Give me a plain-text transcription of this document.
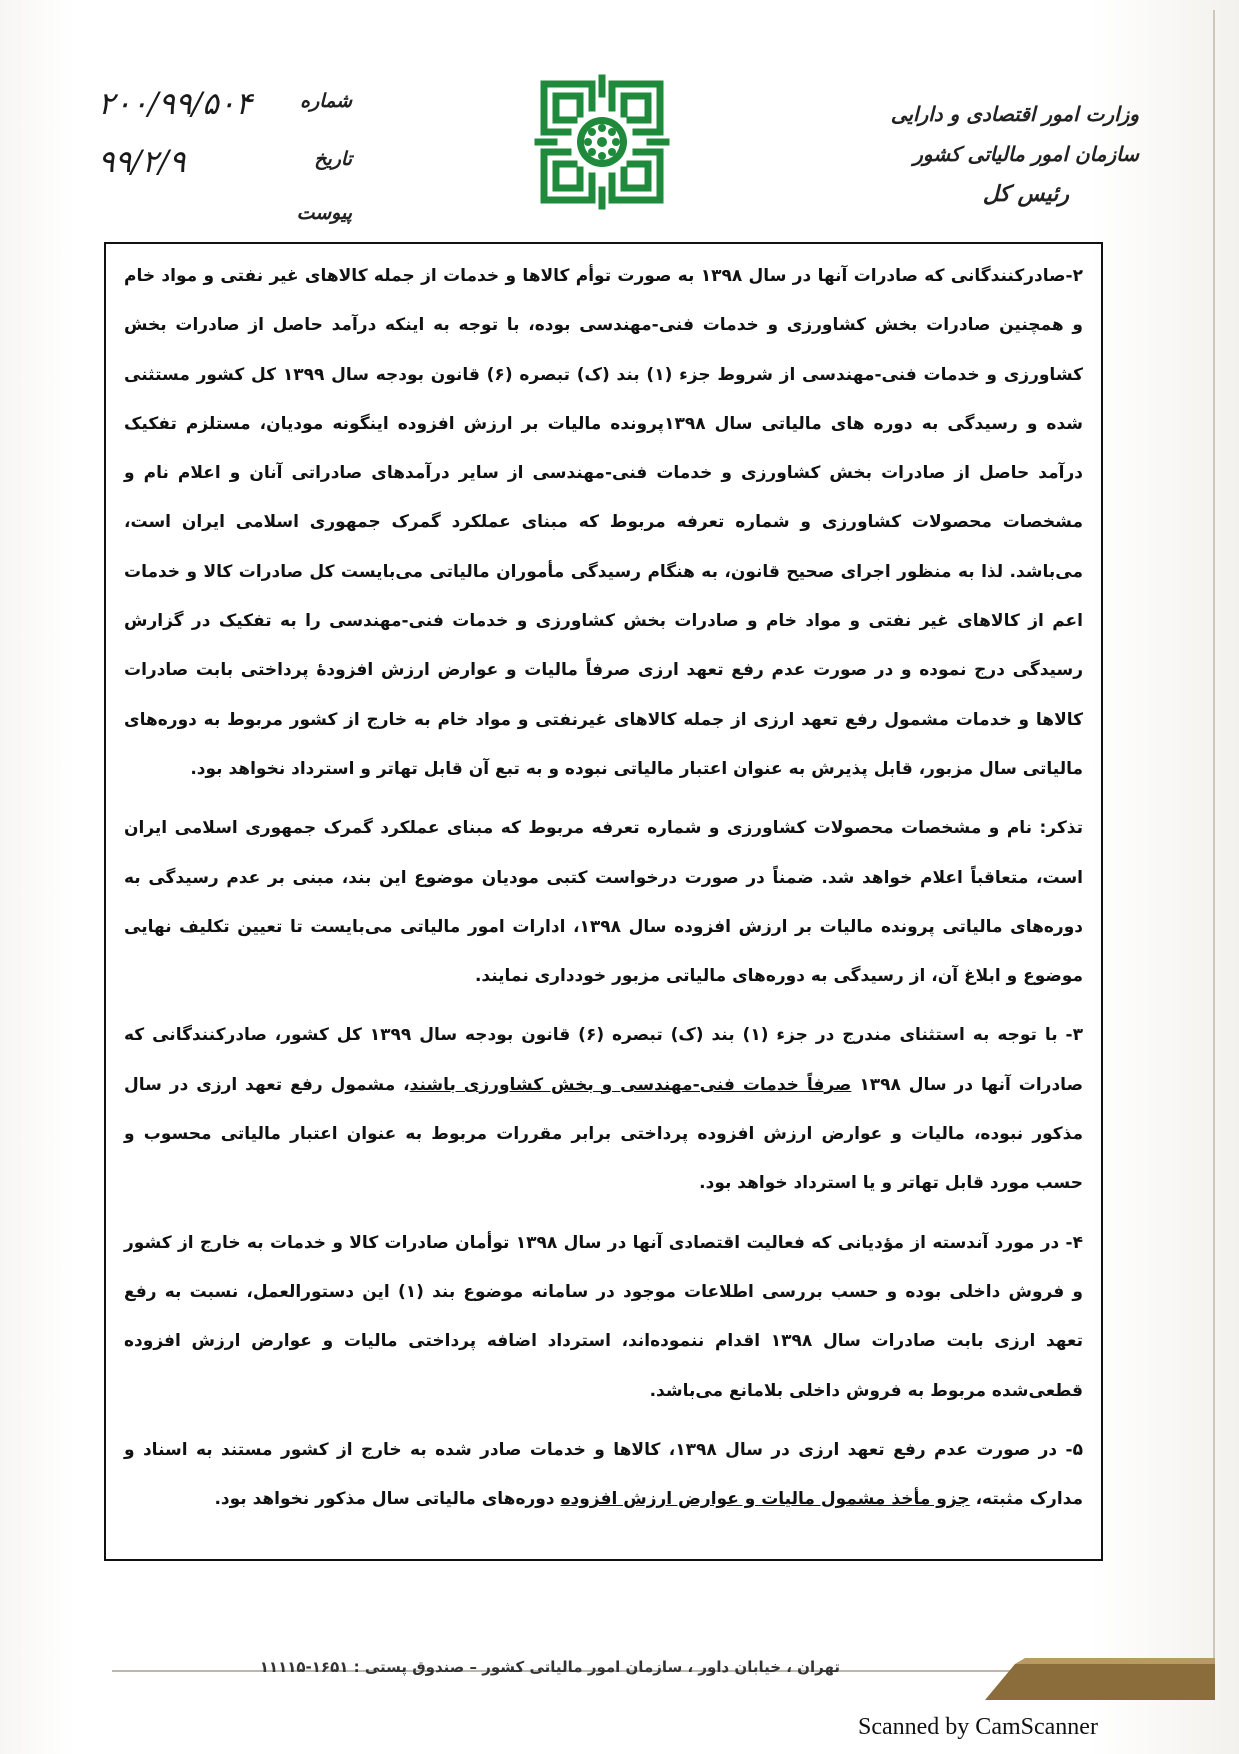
وزارت امور اقتصادی و دارایی
سازمان امور مالیاتی کشور
رئیس کل
۲۰۰/۹۹/۵۰۴	شماره
۹۹/۲/۹	تاریخ
پیوست

۲-صادرکنندگانی که صادرات آنها در سال ۱۳۹۸ به صورت توأم کالاها و خدمات از جمله کالاهای غیر نفتی و مواد خام و همچنین صادرات بخش کشاورزی و خدمات فنی-مهندسی بوده، با توجه به اینکه درآمد حاصل از صادرات بخش کشاورزی و خدمات فنی-مهندسی از شروط جزء (۱) بند (ک) تبصره (۶) قانون بودجه سال ۱۳۹۹ کل کشور مستثنی شده و رسیدگی به دوره های مالیاتی سال ۱۳۹۸پرونده مالیات بر ارزش افزوده اینگونه مودیان، مستلزم تفکیک درآمد حاصل از صادرات بخش کشاورزی و خدمات فنی-مهندسی از سایر درآمدهای صادراتی آنان و اعلام نام و مشخصات محصولات کشاورزی و شماره تعرفه مربوط که مبنای عملکرد گمرک جمهوری اسلامی ایران است، می‌باشد. لذا به منظور اجرای صحیح قانون، به هنگام رسیدگی مأموران مالیاتی می‌بایست کل صادرات کالا و خدمات اعم از کالاهای غیر نفتی و مواد خام و صادرات بخش کشاورزی و خدمات فنی-مهندسی را به تفکیک در گزارش رسیدگی درج نموده و در صورت عدم رفع تعهد ارزی صرفاً مالیات و عوارض ارزش افزودهٔ پرداختی بابت صادرات کالاها و خدمات مشمول رفع تعهد ارزی از جمله کالاهای غیرنفتی و مواد خام به خارج از کشور مربوط به دوره‌های مالیاتی سال مزبور، قابل پذیرش به عنوان اعتبار مالیاتی نبوده و به تبع آن قابل تهاتر و استرداد نخواهد بود.

تذکر: نام و مشخصات محصولات کشاورزی و شماره تعرفه مربوط که مبنای عملکرد گمرک جمهوری اسلامی ایران است، متعاقباً اعلام خواهد شد. ضمناً در صورت درخواست کتبی مودیان موضوع این بند، مبنی بر عدم رسیدگی به دوره‌های مالیاتی پرونده مالیات بر ارزش افزوده سال ۱۳۹۸، ادارات امور مالیاتی می‌بایست تا تعیین تکلیف نهایی موضوع و ابلاغ آن، از رسیدگی به دوره‌های مالیاتی مزبور خودداری نمایند.

۳- با توجه به استثنای مندرج در جزء (۱) بند (ک) تبصره (۶) قانون بودجه سال ۱۳۹۹ کل کشور، صادرکنندگانی که صادرات آنها در سال ۱۳۹۸ صرفاً خدمات فنی-مهندسی و بخش کشاورزی باشند، مشمول رفع تعهد ارزی در سال مذکور نبوده، مالیات و عوارض ارزش افزوده پرداختی برابر مقررات مربوط به عنوان اعتبار مالیاتی محسوب و حسب مورد قابل تهاتر و یا استرداد خواهد بود.

۴- در مورد آندسته از مؤدیانی که فعالیت اقتصادی آنها در سال ۱۳۹۸ توأمان صادرات کالا و خدمات به خارج از کشور و فروش داخلی بوده و حسب بررسی اطلاعات موجود در سامانه موضوع بند (۱) این دستورالعمل، نسبت به رفع تعهد ارزی بابت صادرات سال ۱۳۹۸ اقدام ننموده‌اند، استرداد اضافه پرداختی مالیات و عوارض ارزش افزوده قطعی‌شده مربوط به فروش داخلی بلامانع می‌باشد.

۵- در صورت عدم رفع تعهد ارزی در سال ۱۳۹۸، کالاها و خدمات صادر شده به خارج از کشور مستند به اسناد و مدارک مثبته، جزو مأخذ مشمول مالیات و عوارض ارزش افزوده دوره‌های مالیاتی سال مذکور نخواهد بود.

تهران ، خیابان داور ، سازمان امور مالیاتی کشور – صندوق پستی : ۱۶۵۱-۱۱۱۱۵
Scanned by CamScanner
